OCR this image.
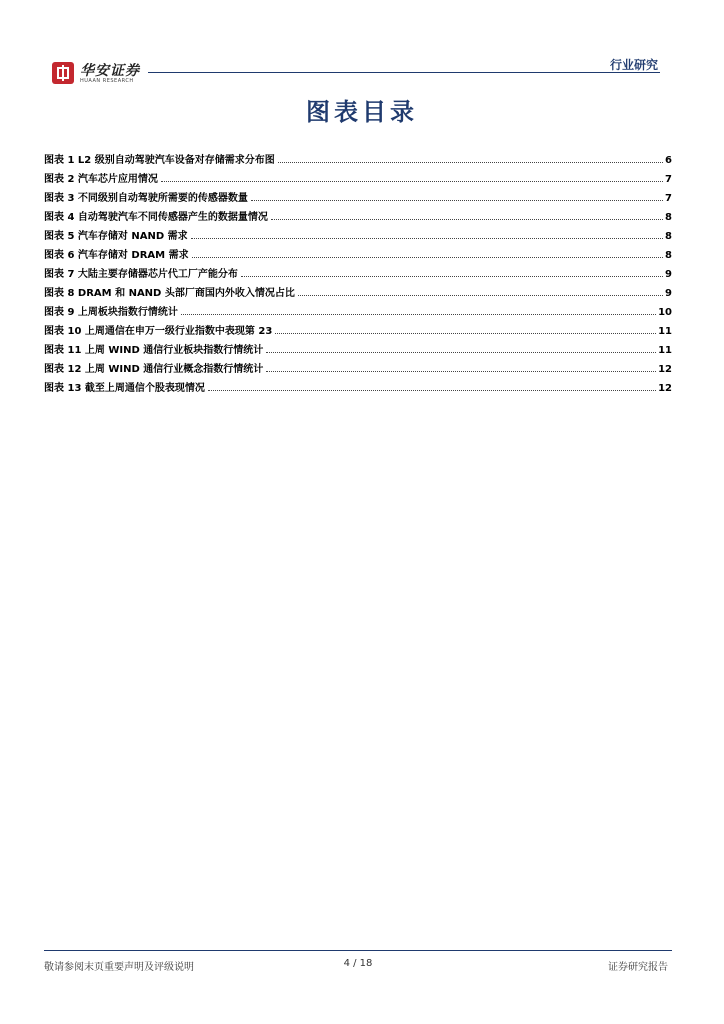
华安证券
HUAAN RESEARCH
行业研究
图表目录
图表 1 L2 级别自动驾驶汽车设备对存储需求分布图	6
图表 2 汽车芯片应用情况	7
图表 3 不同级别自动驾驶所需要的传感器数量	7
图表 4 自动驾驶汽车不同传感器产生的数据量情况	8
图表 5 汽车存储对 NAND 需求	8
图表 6 汽车存储对 DRAM 需求	8
图表 7 大陆主要存储器芯片代工厂产能分布	9
图表 8 DRAM 和 NAND 头部厂商国内外收入情况占比	9
图表 9 上周板块指数行情统计	10
图表 10 上周通信在申万一级行业指数中表现第 23	11
图表 11 上周 WIND 通信行业板块指数行情统计	11
图表 12 上周 WIND 通信行业概念指数行情统计	12
图表 13 截至上周通信个股表现情况	12
敬请参阅末页重要声明及评级说明	4 / 18	证券研究报告
